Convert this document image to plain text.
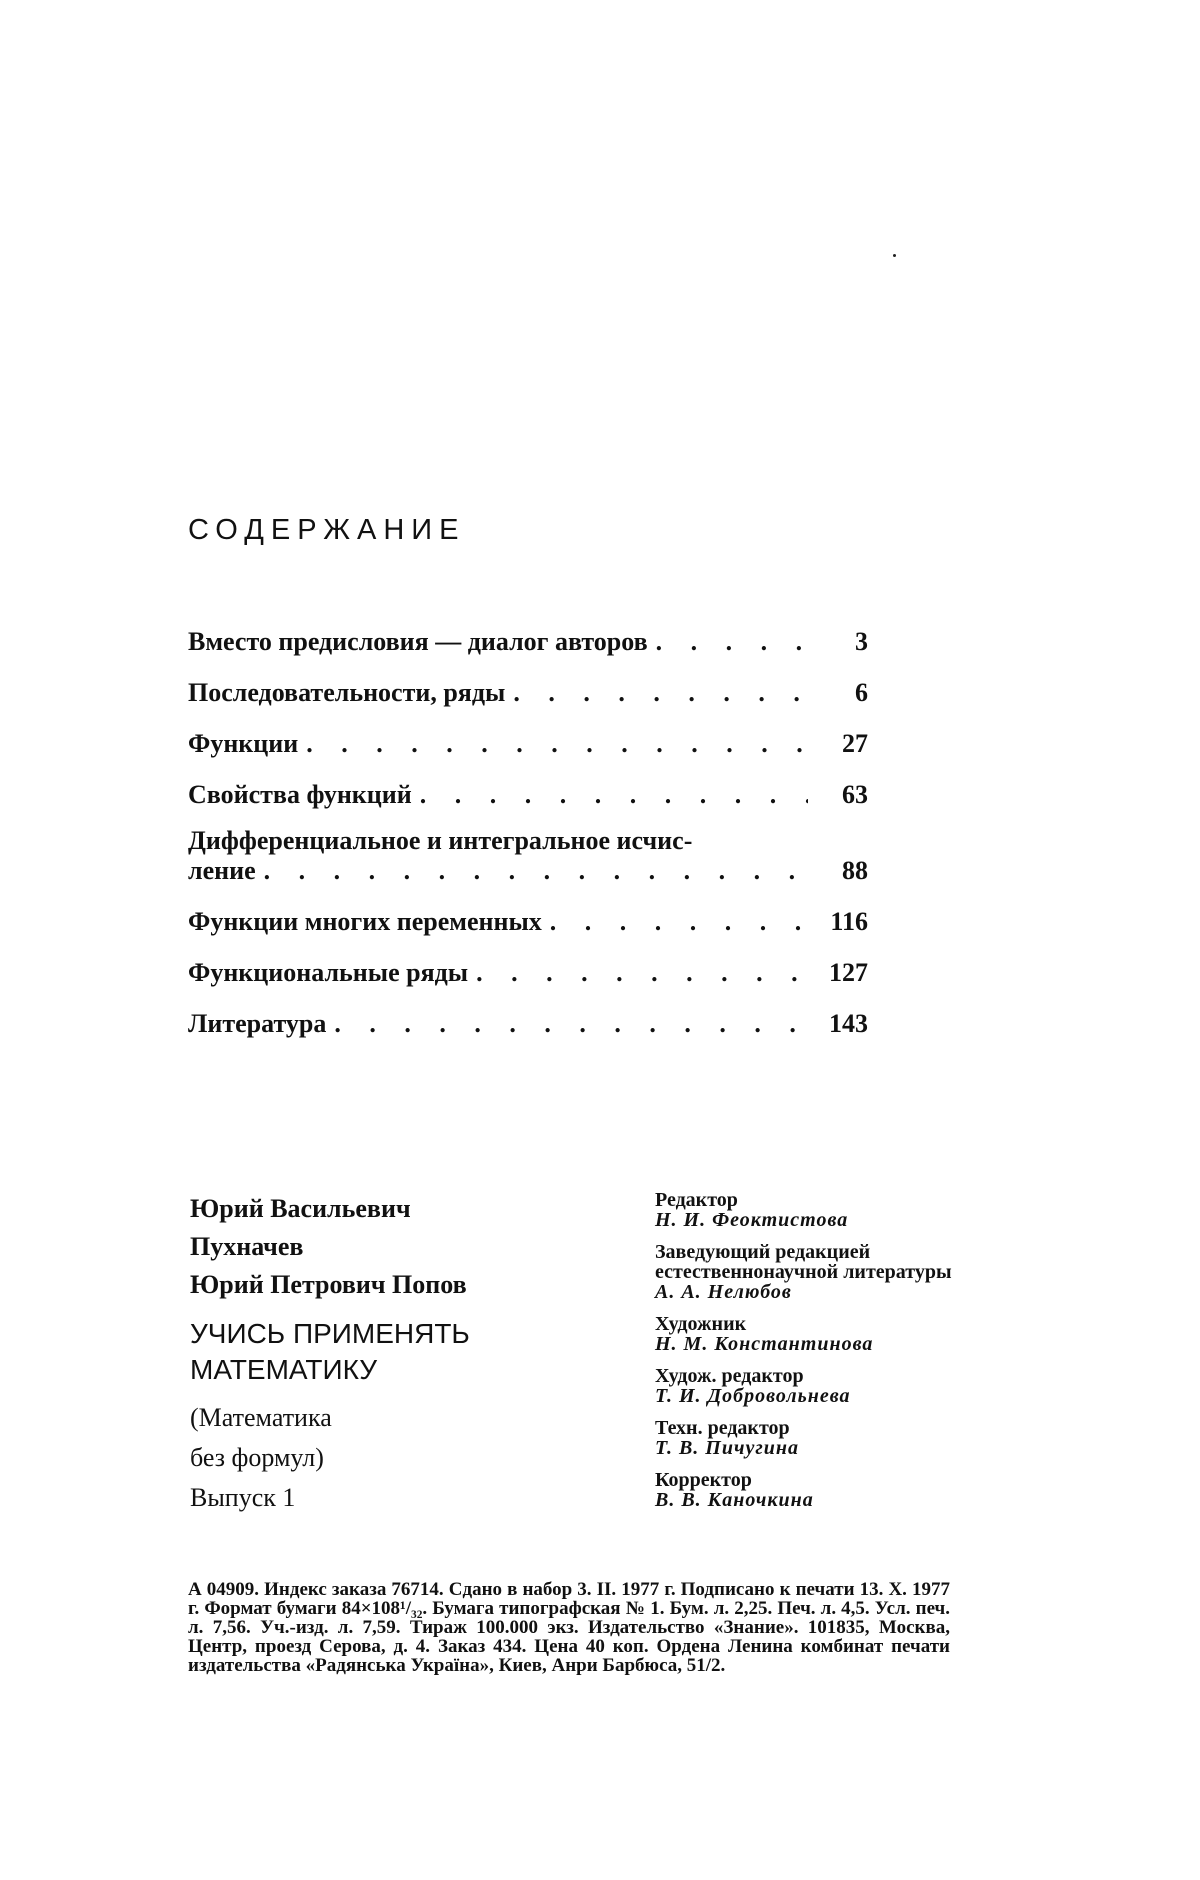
СОДЕРЖАНИЕ
Вместо предисловия — диалог авторов . . .	3
Последовательности, ряды . . .	6
Функции . . .	27
Свойства функций . . .	63
Дифференциальное и интегральное исчис-
ление . . .	88
Функции многих переменных . . .	116
Функциональные ряды . . .	127
Литература . . .	143
Юрий Васильевич
Пухначев
Юрий Петрович Попов
УЧИСЬ ПРИМЕНЯТЬ
МАТЕМАТИКУ
(Математика
без формул)
Выпуск 1
Редактор
Н. И. Феоктистова
Заведующий редакцией
естественнонаучной литературы
А. А. Нелюбов
Художник
Н. М. Константинова
Худож. редактор
Т. И. Добровольнева
Техн. редактор
Т. В. Пичугина
Корректор
В. В. Каночкина
А 04909. Индекс заказа 76714. Сдано в набор 3. II. 1977 г. Подписано к печати 13. X. 1977 г. Формат бумаги 84×108¹/₃₂. Бумага типографская № 1. Бум. л. 2,25. Печ. л. 4,5. Усл. печ. л. 7,56. Уч.-изд. л. 7,59. Тираж 100.000 экз. Издательство «Знание». 101835, Москва, Центр, проезд Серова, д. 4. Заказ 434. Цена 40 коп. Ордена Ленина комбинат печати издательства «Радянська Україна», Киев, Анри Барбюса, 51/2.
